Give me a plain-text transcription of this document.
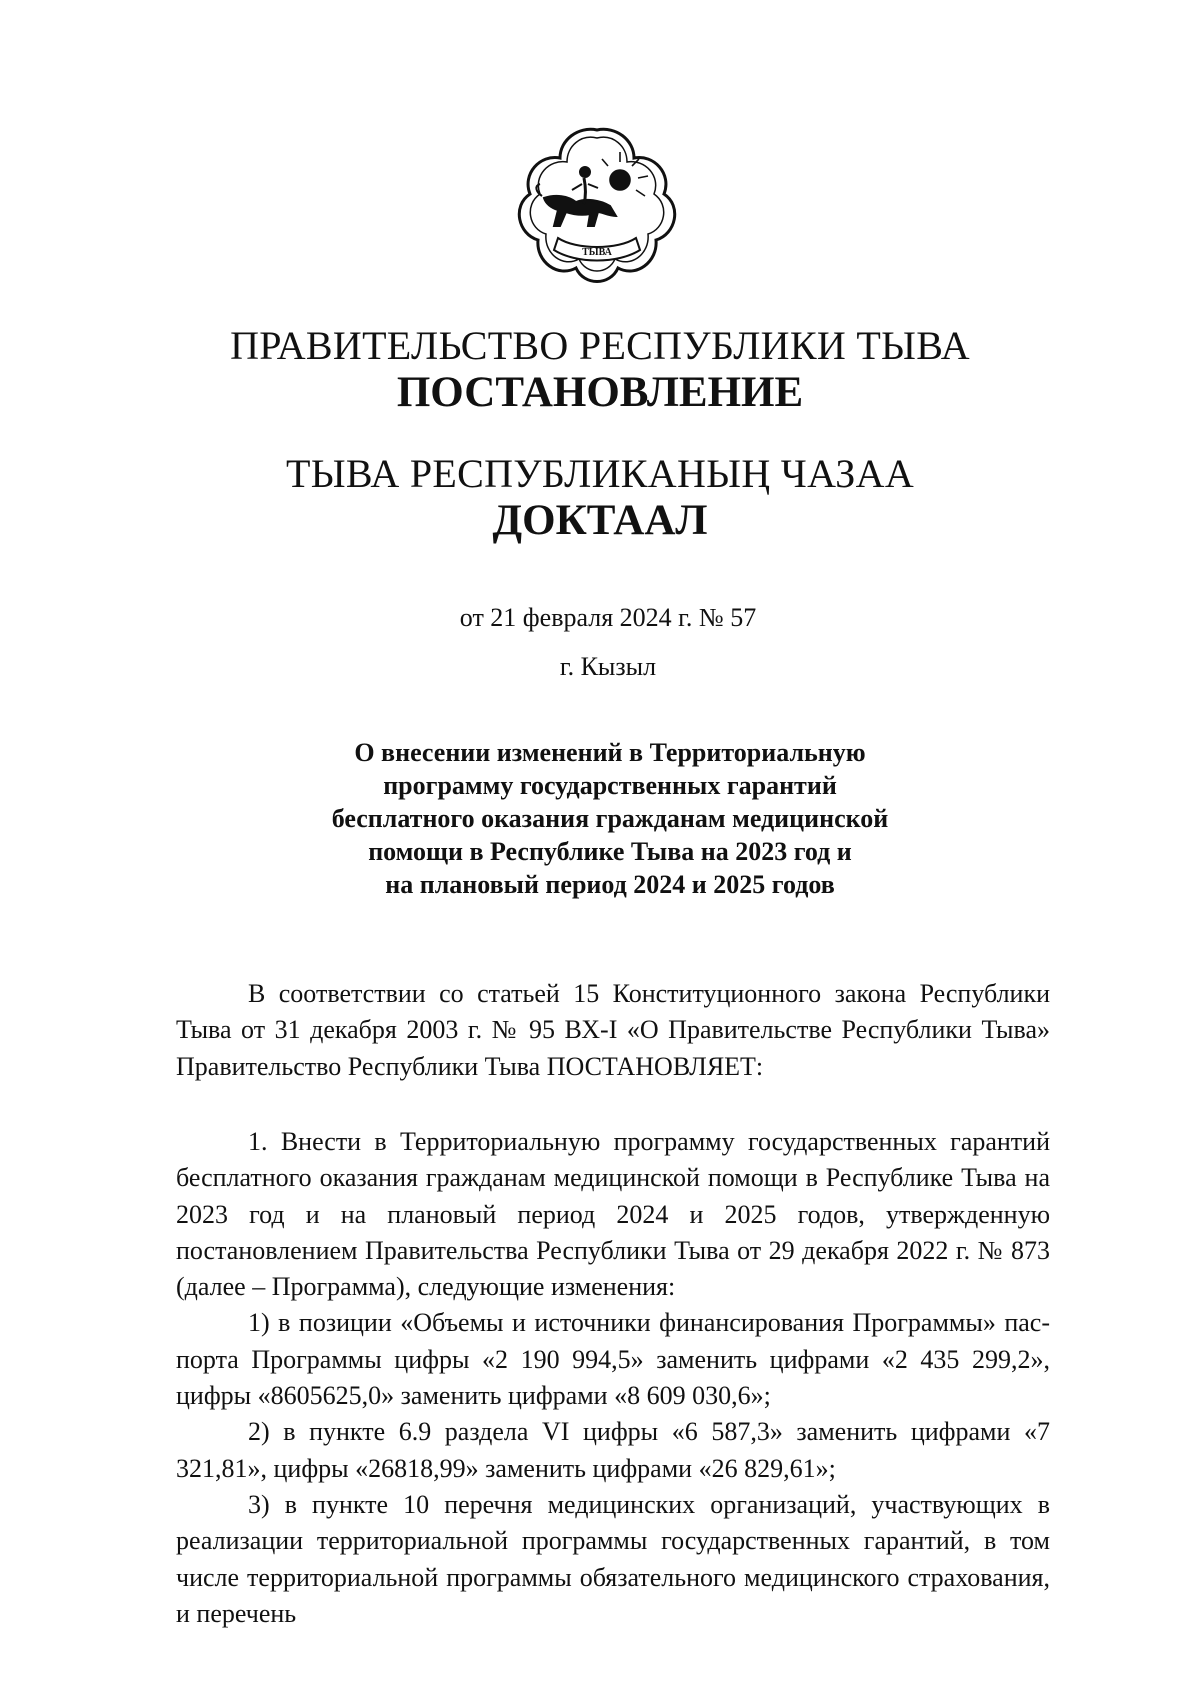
ТЫВА
ПРАВИТЕЛЬСТВО РЕСПУБЛИКИ ТЫВА
ПОСТАНОВЛЕНИЕ
ТЫВА РЕСПУБЛИКАНЫҢ ЧАЗАА
ДОКТААЛ
от 21 февраля 2024 г. № 57
г. Кызыл
О внесении изменений в Территориальную
программу государственных гарантий
бесплатного оказания гражданам медицинской
помощи в Республике Тыва на 2023 год и
на плановый период 2024 и 2025 годов

В соответствии со статьей 15 Конституционного закона Республики Тыва от 31 декабря 2003 г. № 95 ВХ-I «О Правительстве Республики Тыва» Правительство Республики Тыва ПОСТАНОВЛЯЕТ:

1. Внести в Территориальную программу государственных гарантий бесплатного оказания гражданам медицинской помощи в Республике Тыва на 2023 год и на плановый период 2024 и 2025 годов, утвержденную постановлением Правительства Республики Тыва от 29 декабря 2022 г. № 873 (далее – Программа), следующие изменения:

1) в позиции «Объемы и источники финансирования Программы» паспорта Программы цифры «2 190 994,5» заменить цифрами «2 435 299,2», цифры «8605625,0» заменить цифрами «8 609 030,6»;

2) в пункте 6.9 раздела VI цифры «6 587,3» заменить цифрами «7 321,81», цифры «26818,99» заменить цифрами «26 829,61»;

3) в пункте 10 перечня медицинских организаций, участвующих в реализации территориальной программы государственных гарантий, в том числе территориальной программы обязательного медицинского страхования, и перечень
